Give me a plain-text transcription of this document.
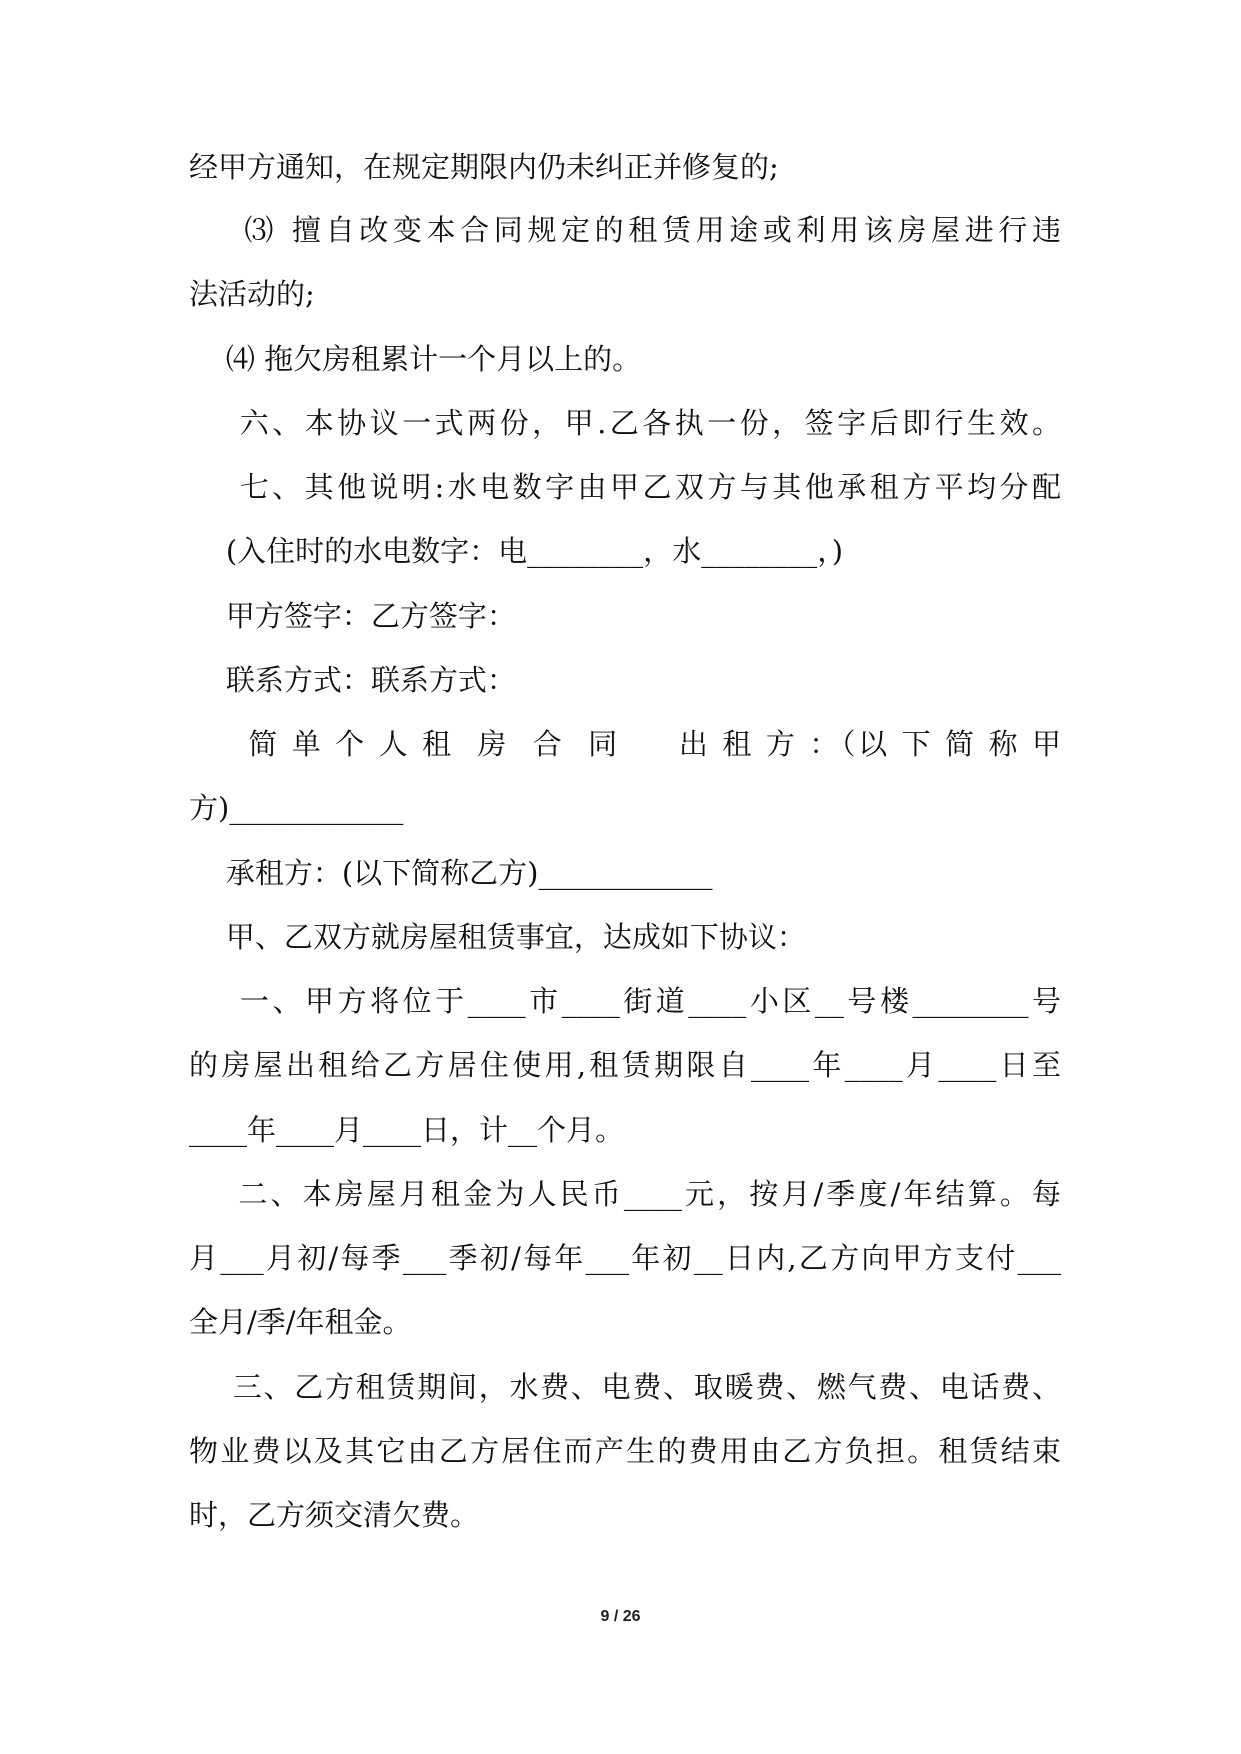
经甲方通知，在规定期限内仍未纠正并修复的;
⑶ 擅自改变本合同规定的租赁用途或利用该房屋进行违
法活动的;
⑷ 拖欠房租累计一个月以上的。
六、本协议一式两份，甲.乙各执一份，签字后即行生效。
七、其他说明:水电数字由甲乙双方与其他承租方平均分配
(入住时的水电数字：电________，水________，)
甲方签字：乙方签字：
联系方式：联系方式：
简 单 个 人 租  房  合  同     出 租 方 ：（以 下 简 称 甲
方)____________
承租方：(以下简称乙方)____________
甲、乙双方就房屋租赁事宜，达成如下协议：
一、甲方将位于____市____街道____小区__号楼________号
的房屋出租给乙方居住使用,租赁期限自____年____月____日至
____年____月____日，计__个月。
二、本房屋月租金为人民币____元，按月/季度/年结算。每
月___月初/每季___季初/每年___年初__日内,乙方向甲方支付___
全月/季/年租金。
三、乙方租赁期间，水费、电费、取暖费、燃气费、电话费、
物业费以及其它由乙方居住而产生的费用由乙方负担。租赁结束
时，乙方须交清欠费。
9 / 26
